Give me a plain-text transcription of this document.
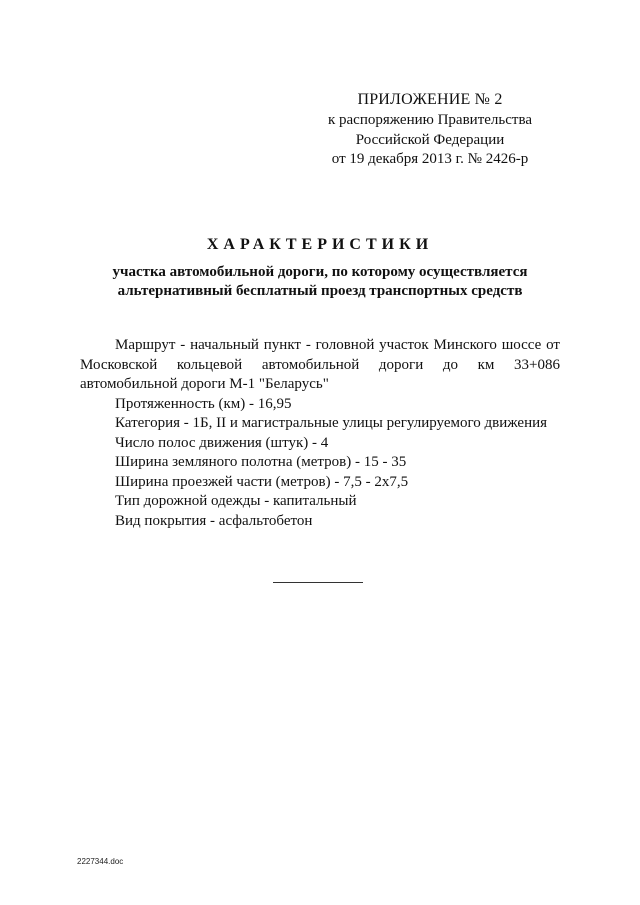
ПРИЛОЖЕНИЕ № 2
к распоряжению Правительства
Российской Федерации
от 19 декабря 2013 г. № 2426-р
ХАРАКТЕРИСТИКИ
участка автомобильной дороги, по которому осуществляется
альтернативный бесплатный проезд транспортных средств

Маршрут - начальный пункт - головной участок Минского шоссе от Московской кольцевой автомобильной дороги до км 33+086 автомобильной дороги М-1 "Беларусь"

Протяженность (км) - 16,95

Категория - 1Б, II и магистральные улицы регулируемого движения

Число полос движения (штук) - 4

Ширина земляного полотна (метров) - 15 - 35

Ширина проезжей части (метров) - 7,5 - 2х7,5

Тип дорожной одежды - капитальный

Вид покрытия - асфальтобетон

2227344.doc
